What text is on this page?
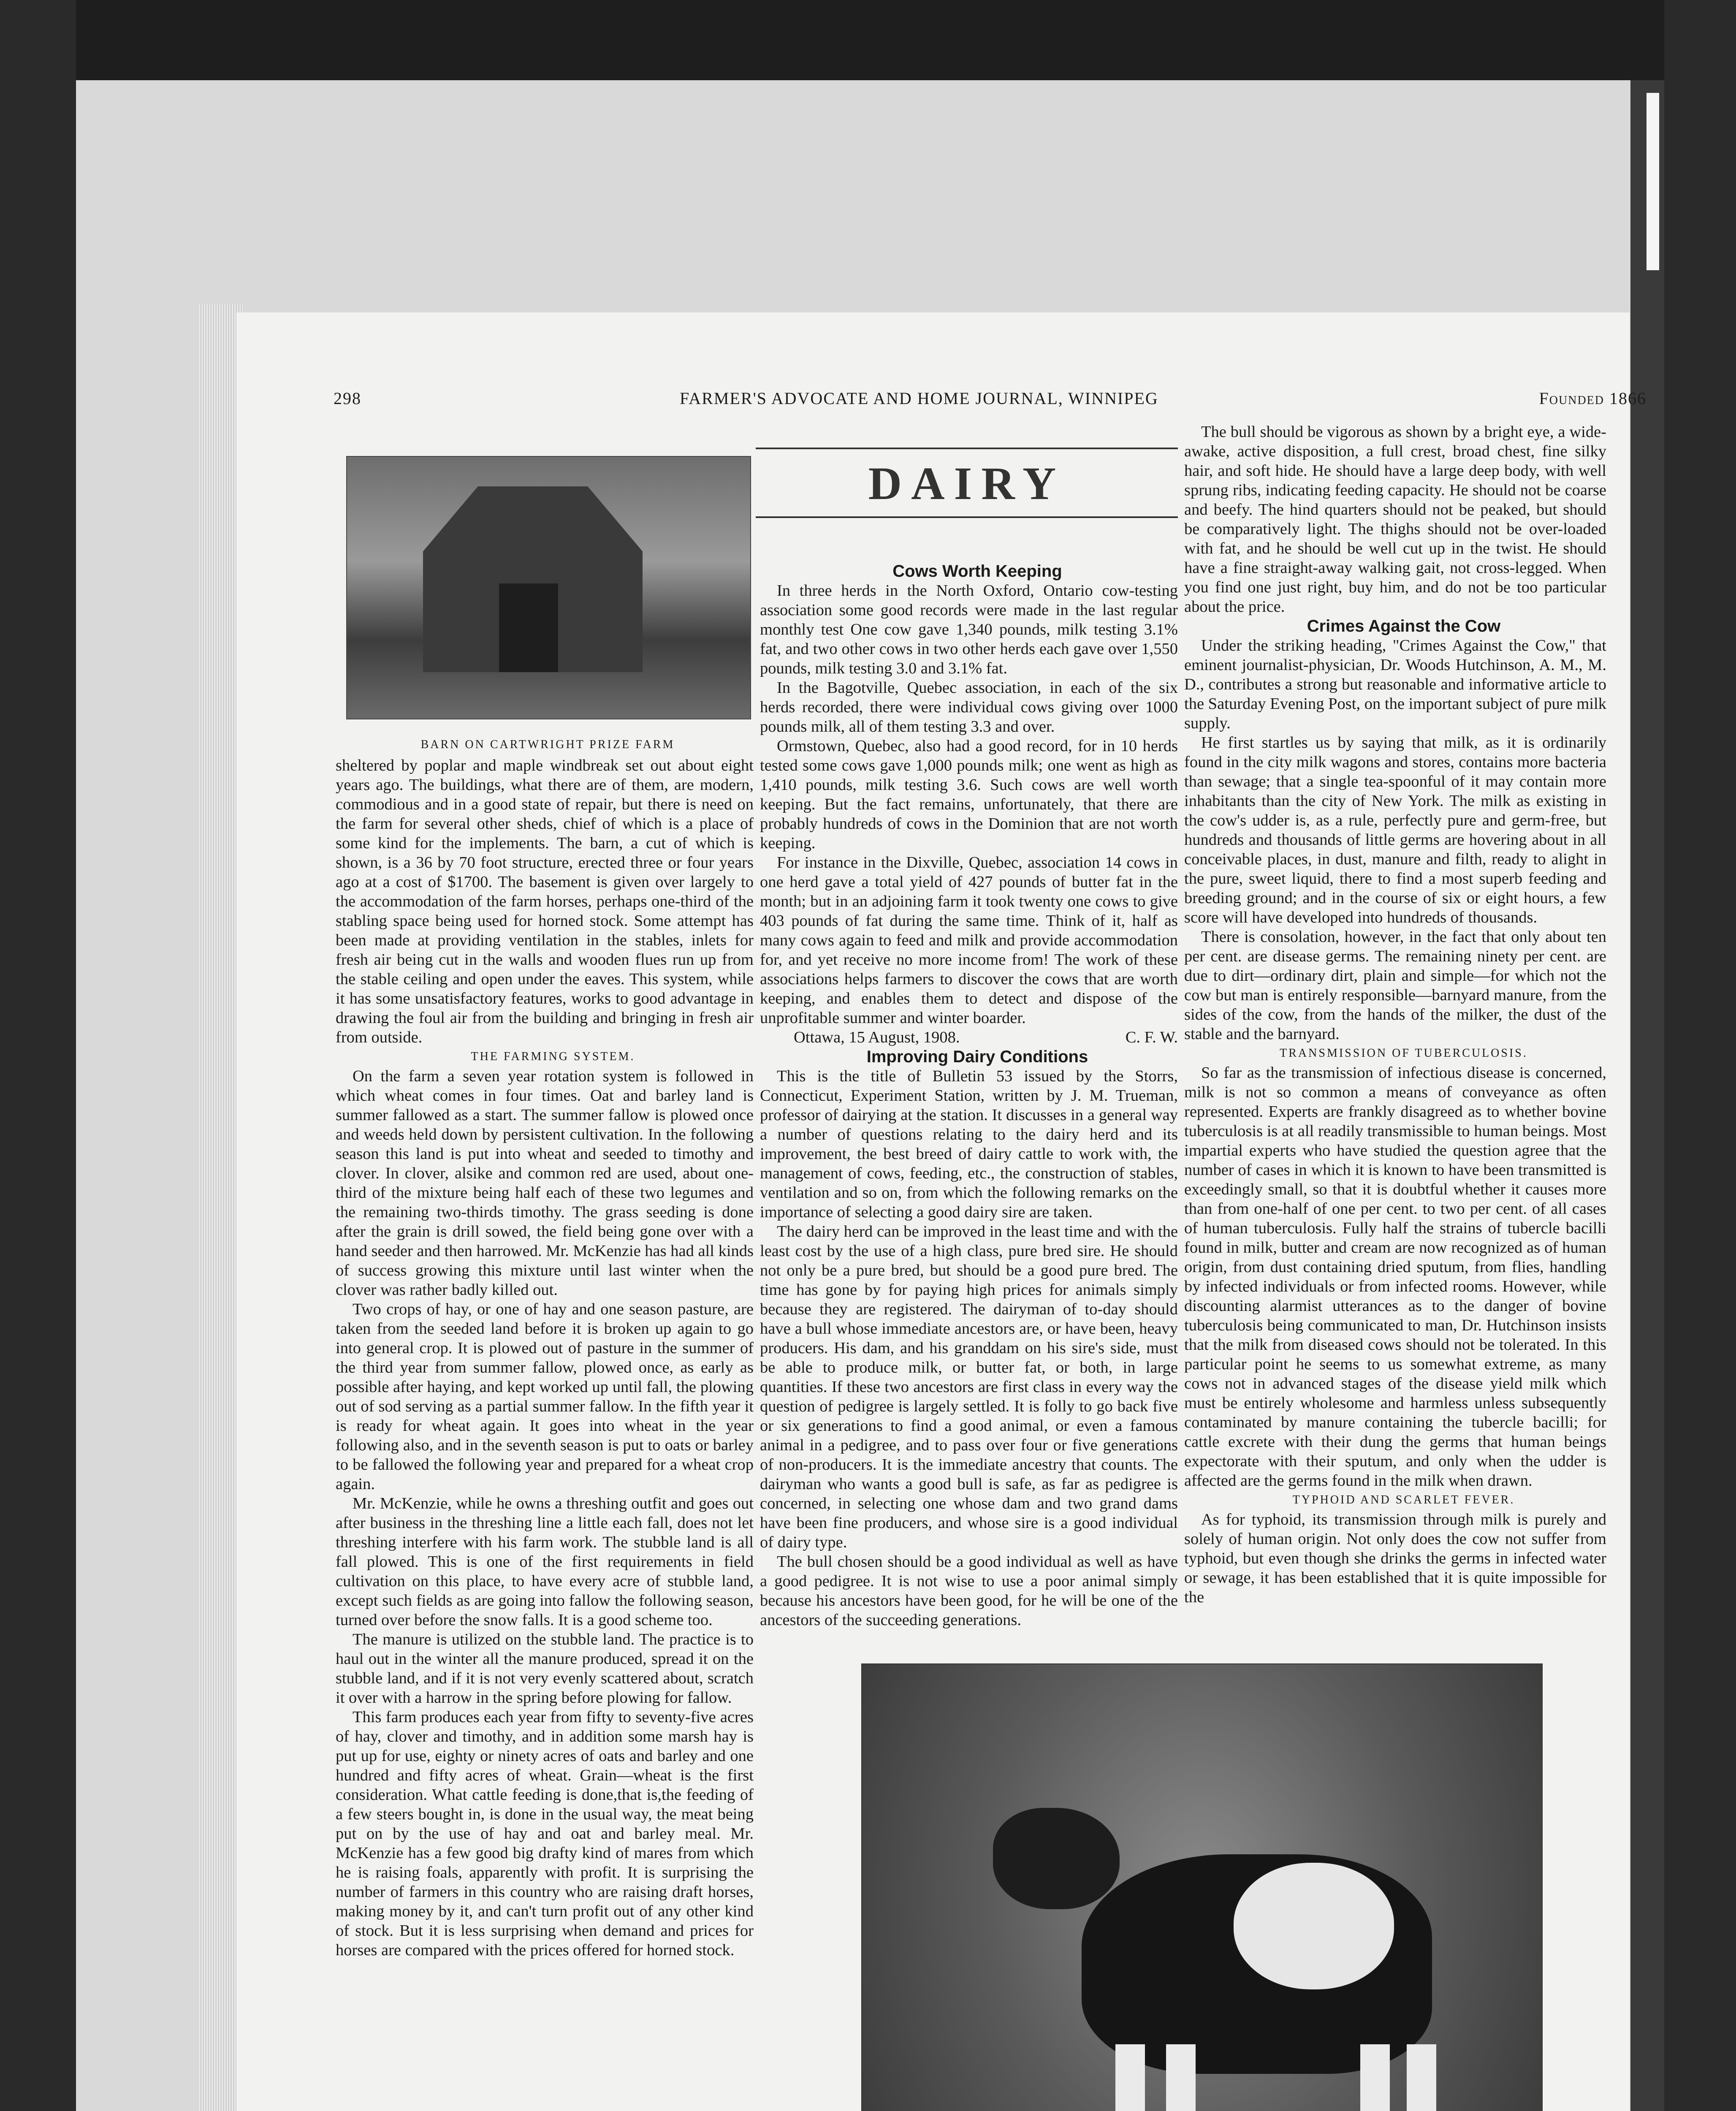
298	FARMER'S ADVOCATE AND HOME JOURNAL, WINNIPEG	Founded 1866
BARN ON CARTWRIGHT PRIZE FARM

sheltered by poplar and maple windbreak set out about eight years ago. The buildings, what there are of them, are modern, commodious and in a good state of repair, but there is need on the farm for several other sheds, chief of which is a place of some kind for the implements. The barn, a cut of which is shown, is a 36 by 70 foot structure, erected three or four years ago at a cost of $1700. The basement is given over largely to the accommodation of the farm horses, perhaps one-third of the stabling space being used for horned stock. Some attempt has been made at providing ventilation in the stables, inlets for fresh air being cut in the walls and wooden flues run up from the stable ceiling and open under the eaves. This system, while it has some unsatisfactory features, works to good advantage in drawing the foul air from the building and bringing in fresh air from outside.

THE FARMING SYSTEM.

On the farm a seven year rotation system is followed in which wheat comes in four times. Oat and barley land is summer fallowed as a start. The summer fallow is plowed once and weeds held down by persistent cultivation. In the following season this land is put into wheat and seeded to timothy and clover. In clover, alsike and common red are used, about one-third of the mixture being half each of these two legumes and the remaining two-thirds timothy. The grass seeding is done after the grain is drill sowed, the field being gone over with a hand seeder and then harrowed. Mr. McKenzie has had all kinds of success growing this mixture until last winter when the clover was rather badly killed out.

Two crops of hay, or one of hay and one season pasture, are taken from the seeded land before it is broken up again to go into general crop. It is plowed out of pasture in the summer of the third year from summer fallow, plowed once, as early as possible after haying, and kept worked up until fall, the plowing out of sod serving as a partial summer fallow. In the fifth year it is ready for wheat again. It goes into wheat in the year following also, and in the seventh season is put to oats or barley to be fallowed the following year and prepared for a wheat crop again.

Mr. McKenzie, while he owns a threshing outfit and goes out after business in the threshing line a little each fall, does not let threshing interfere with his farm work. The stubble land is all fall plowed. This is one of the first requirements in field cultivation on this place, to have every acre of stubble land, except such fields as are going into fallow the following season, turned over before the snow falls. It is a good scheme too.

The manure is utilized on the stubble land. The practice is to haul out in the winter all the manure produced, spread it on the stubble land, and if it is not very evenly scattered about, scratch it over with a harrow in the spring before plowing for fallow.

This farm produces each year from fifty to seventy-five acres of hay, clover and timothy, and in addition some marsh hay is put up for use, eighty or ninety acres of oats and barley and one hundred and fifty acres of wheat. Grain—wheat is the first consideration. What cattle feeding is done,that is,the feeding of a few steers bought in, is done in the usual way, the meat being put on by the use of hay and oat and barley meal. Mr. McKenzie has a few good big drafty kind of mares from which he is raising foals, apparently with profit. It is surprising the number of farmers in this country who are raising draft horses, making money by it, and can't turn profit out of any other kind of stock. But it is less surprising when demand and prices for horses are compared with the prices offered for horned stock.

DAIRY

Cows Worth Keeping

In three herds in the North Oxford, Ontario cow-testing association some good records were made in the last regular monthly test One cow gave 1,340 pounds, milk testing 3.1% fat, and two other cows in two other herds each gave over 1,550 pounds, milk testing 3.0 and 3.1% fat.

In the Bagotville, Quebec association, in each of the six herds recorded, there were individual cows giving over 1000 pounds milk, all of them testing 3.3 and over.

Ormstown, Quebec, also had a good record, for in 10 herds tested some cows gave 1,000 pounds milk; one went as high as 1,410 pounds, milk testing 3.6. Such cows are well worth keeping. But the fact remains, unfortunately, that there are probably hundreds of cows in the Dominion that are not worth keeping.

For instance in the Dixville, Quebec, association 14 cows in one herd gave a total yield of 427 pounds of butter fat in the month; but in an adjoining farm it took twenty one cows to give 403 pounds of fat during the same time. Think of it, half as many cows again to feed and milk and provide accommodation for, and yet receive no more income from! The work of these associations helps farmers to discover the cows that are worth keeping, and enables them to detect and dispose of the unprofitable summer and winter boarder.

Ottawa, 15 August, 1908.	C. F. W.

Improving Dairy Conditions

This is the title of Bulletin 53 issued by the Storrs, Connecticut, Experiment Station, written by J. M. Trueman, professor of dairying at the station. It discusses in a general way a number of questions relating to the dairy herd and its improvement, the best breed of dairy cattle to work with, the management of cows, feeding, etc., the construction of stables, ventilation and so on, from which the following remarks on the importance of selecting a good dairy sire are taken.

The dairy herd can be improved in the least time and with the least cost by the use of a high class, pure bred sire. He should not only be a pure bred, but should be a good pure bred. The time has gone by for paying high prices for animals simply because they are registered. The dairyman of to-day should have a bull whose immediate ancestors are, or have been, heavy producers. His dam, and his granddam on his sire's side, must be able to produce milk, or butter fat, or both, in large quantities. If these two ancestors are first class in every way the question of pedigree is largely settled. It is folly to go back five or six generations to find a good animal, or even a famous animal in a pedigree, and to pass over four or five generations of non-producers. It is the immediate ancestry that counts. The dairyman who wants a good bull is safe, as far as pedigree is concerned, in selecting one whose dam and two grand dams have been fine producers, and whose sire is a good individual of dairy type.

The bull chosen should be a good individual as well as have a good pedigree. It is not wise to use a poor animal simply because his ancestors have been good, for he will be one of the ancestors of the succeeding generations.

The bull should be vigorous as shown by a bright eye, a wide-awake, active disposition, a full crest, broad chest, fine silky hair, and soft hide. He should have a large deep body, with well sprung ribs, indicating feeding capacity. He should not be coarse and beefy. The hind quarters should not be peaked, but should be comparatively light. The thighs should not be over-loaded with fat, and he should be well cut up in the twist. He should have a fine straight-away walking gait, not cross-legged. When you find one just right, buy him, and do not be too particular about the price.

Crimes Against the Cow

Under the striking heading, "Crimes Against the Cow," that eminent journalist-physician, Dr. Woods Hutchinson, A. M., M. D., contributes a strong but reasonable and informative article to the Saturday Evening Post, on the important subject of pure milk supply.

He first startles us by saying that milk, as it is ordinarily found in the city milk wagons and stores, contains more bacteria than sewage; that a single tea-spoonful of it may contain more inhabitants than the city of New York. The milk as existing in the cow's udder is, as a rule, perfectly pure and germ-free, but hundreds and thousands of little germs are hovering about in all conceivable places, in dust, manure and filth, ready to alight in the pure, sweet liquid, there to find a most superb feeding and breeding ground; and in the course of six or eight hours, a few score will have developed into hundreds of thousands.

There is consolation, however, in the fact that only about ten per cent. are disease germs. The remaining ninety per cent. are due to dirt—ordinary dirt, plain and simple—for which not the cow but man is entirely responsible—barnyard manure, from the sides of the cow, from the hands of the milker, the dust of the stable and the barnyard.

TRANSMISSION OF TUBERCULOSIS.

So far as the transmission of infectious disease is concerned, milk is not so common a means of conveyance as often represented. Experts are frankly disagreed as to whether bovine tuberculosis is at all readily transmissible to human beings. Most impartial experts who have studied the question agree that the number of cases in which it is known to have been transmitted is exceedingly small, so that it is doubtful whether it causes more than from one-half of one per cent. to two per cent. of all cases of human tuberculosis. Fully half the strains of tubercle bacilli found in milk, butter and cream are now recognized as of human origin, from dust containing dried sputum, from flies, handling by infected individuals or from infected rooms. However, while discounting alarmist utterances as to the danger of bovine tuberculosis being communicated to man, Dr. Hutchinson insists that the milk from diseased cows should not be tolerated. In this particular point he seems to us somewhat extreme, as many cows not in advanced stages of the disease yield milk which must be entirely wholesome and harmless unless subsequently contaminated by manure containing the tubercle bacilli; for cattle excrete with their dung the germs that human beings expectorate with their sputum, and only when the udder is affected are the germs found in the milk when drawn.

TYPHOID AND SCARLET FEVER.

As for typhoid, its transmission through milk is purely and solely of human origin. Not only does the cow not suffer from typhoid, but even though she drinks the germs in infected water or sewage, it has been established that it is quite impossible for the
